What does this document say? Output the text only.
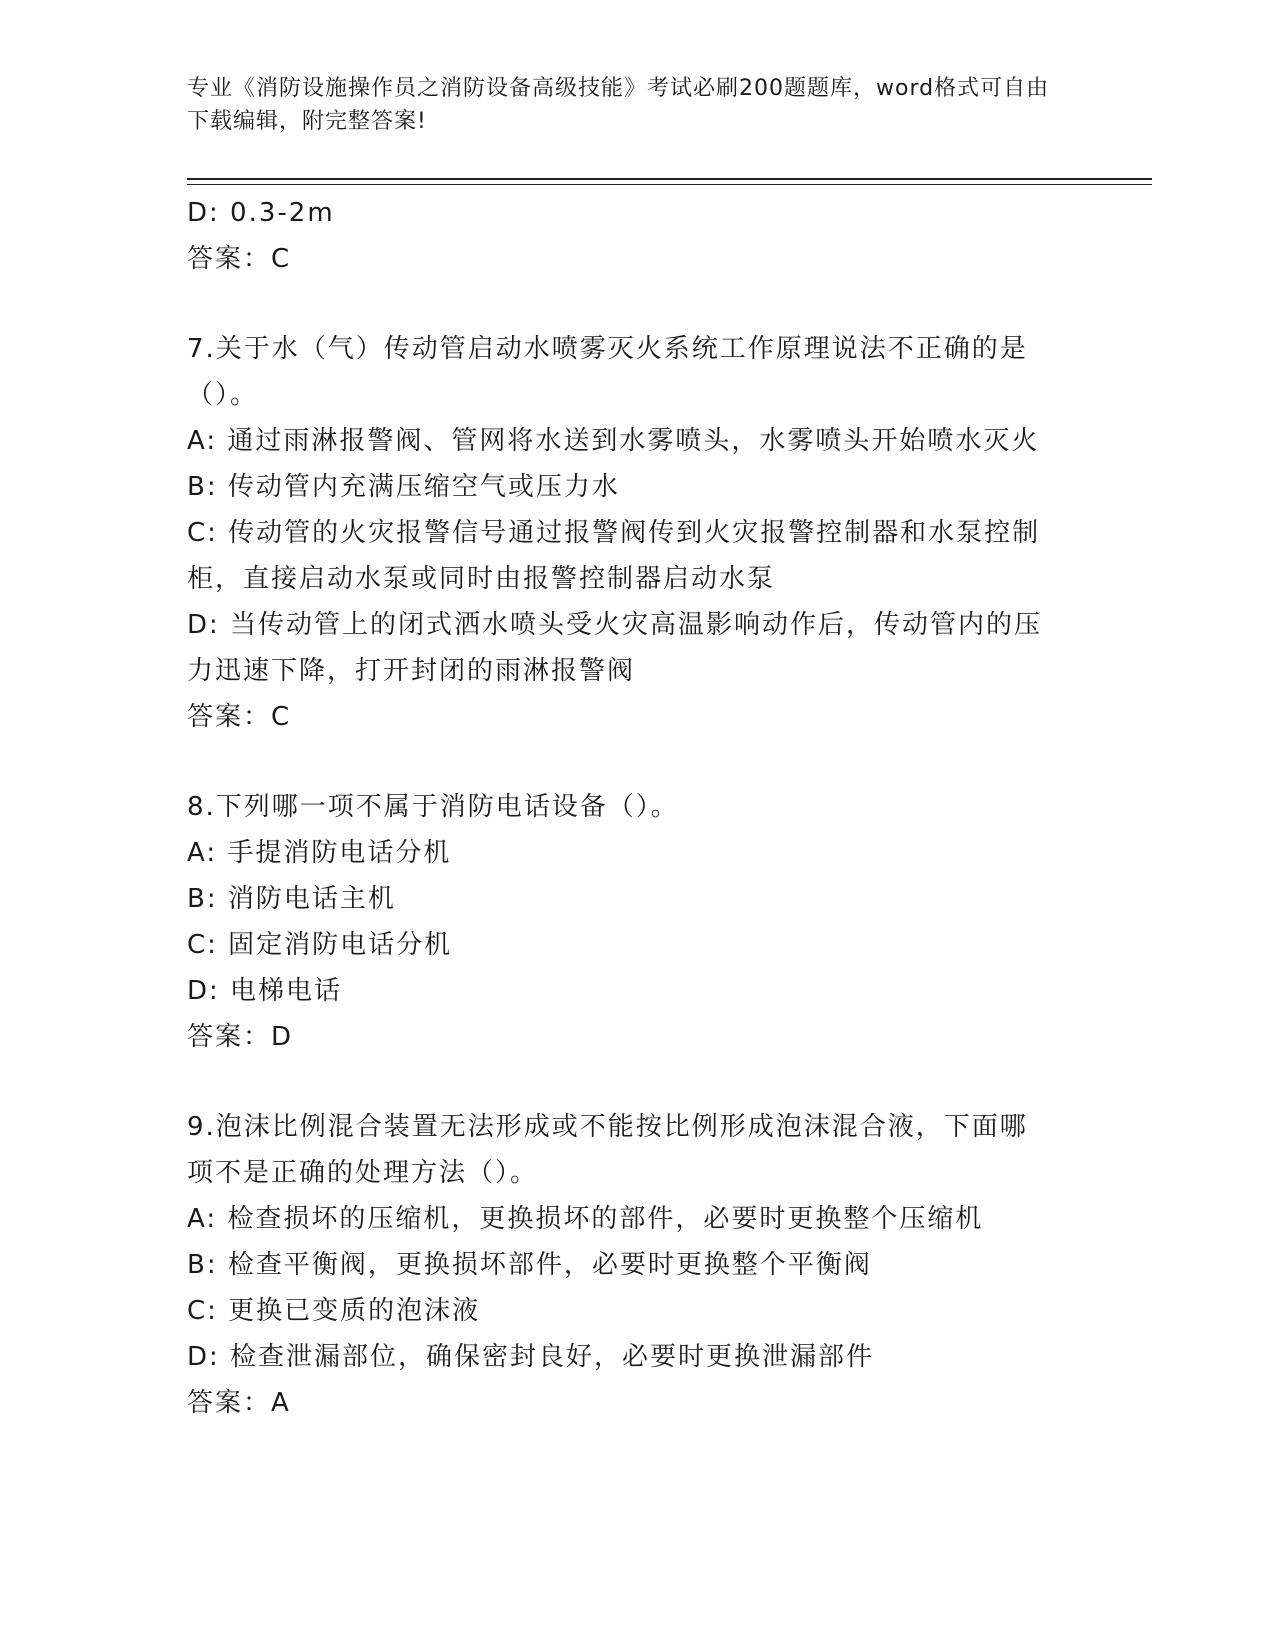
专业《消防设施操作员之消防设备高级技能》考试必刷200题题库，word格式可自由下载编辑，附完整答案!

D: 0.3-2m

答案：C

7.关于水（气）传动管启动水喷雾灭火系统工作原理说法不正确的是

（）。

A: 通过雨淋报警阀、管网将水送到水雾喷头，水雾喷头开始喷水灭火

B: 传动管内充满压缩空气或压力水

C: 传动管的火灾报警信号通过报警阀传到火灾报警控制器和水泵控制

柜，直接启动水泵或同时由报警控制器启动水泵

D: 当传动管上的闭式洒水喷头受火灾高温影响动作后，传动管内的压

力迅速下降，打开封闭的雨淋报警阀

答案：C

8.下列哪一项不属于消防电话设备（）。

A: 手提消防电话分机

B: 消防电话主机

C: 固定消防电话分机

D: 电梯电话

答案：D

9.泡沫比例混合装置无法形成或不能按比例形成泡沫混合液，下面哪

项不是正确的处理方法（）。

A: 检查损坏的压缩机，更换损坏的部件，必要时更换整个压缩机

B: 检查平衡阀，更换损坏部件，必要时更换整个平衡阀

C: 更换已变质的泡沫液

D: 检查泄漏部位，确保密封良好，必要时更换泄漏部件

答案：A
